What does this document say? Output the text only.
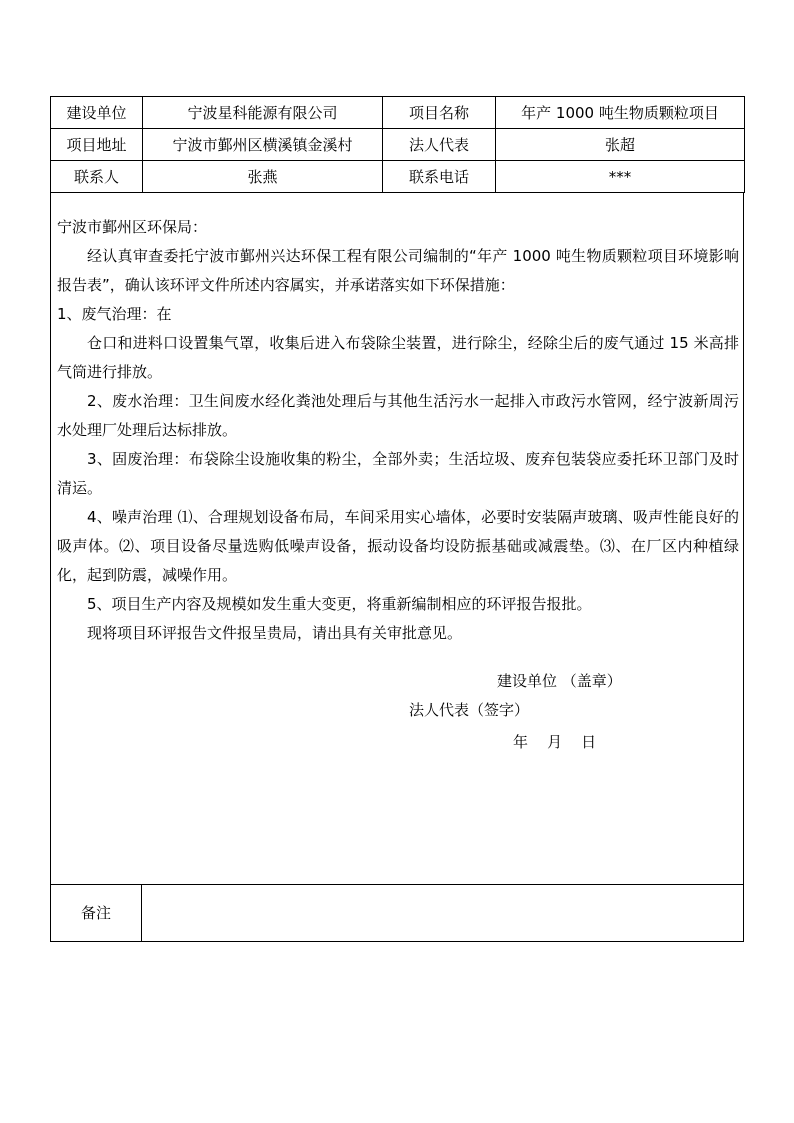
建设单位	宁波星科能源有限公司	项目名称	年产 1000 吨生物质颗粒项目
项目地址	宁波市鄞州区横溪镇金溪村	法人代表	张超
联系人	张燕	联系电话	***

宁波市鄞州区环保局：

经认真审查委托宁波市鄞州兴达环保工程有限公司编制的“年产 1000 吨生物质颗粒项目环境影响报告表”，确认该环评文件所述内容属实，并承诺落实如下环保措施：

1、废气治理：在

仓口和进料口设置集气罩，收集后进入布袋除尘装置，进行除尘，经除尘后的废气通过 15 米高排气筒进行排放。

2、废水治理：卫生间废水经化粪池处理后与其他生活污水一起排入市政污水管网，经宁波新周污水处理厂处理后达标排放。

3、固废治理：布袋除尘设施收集的粉尘，全部外卖；生活垃圾、废弃包装袋应委托环卫部门及时清运。

4、噪声治理 ⑴、合理规划设备布局，车间采用实心墙体，必要时安装隔声玻璃、吸声性能良好的吸声体。⑵、项目设备尽量选购低噪声设备，振动设备均设防振基础或减震垫。⑶、在厂区内种植绿化，起到防震，减噪作用。

5、项目生产内容及规模如发生重大变更，将重新编制相应的环评报告报批。

现将项目环评报告文件报呈贵局，请出具有关审批意见。

建设单位 （盖章）
法人代表（签字）
年    月    日
备注
